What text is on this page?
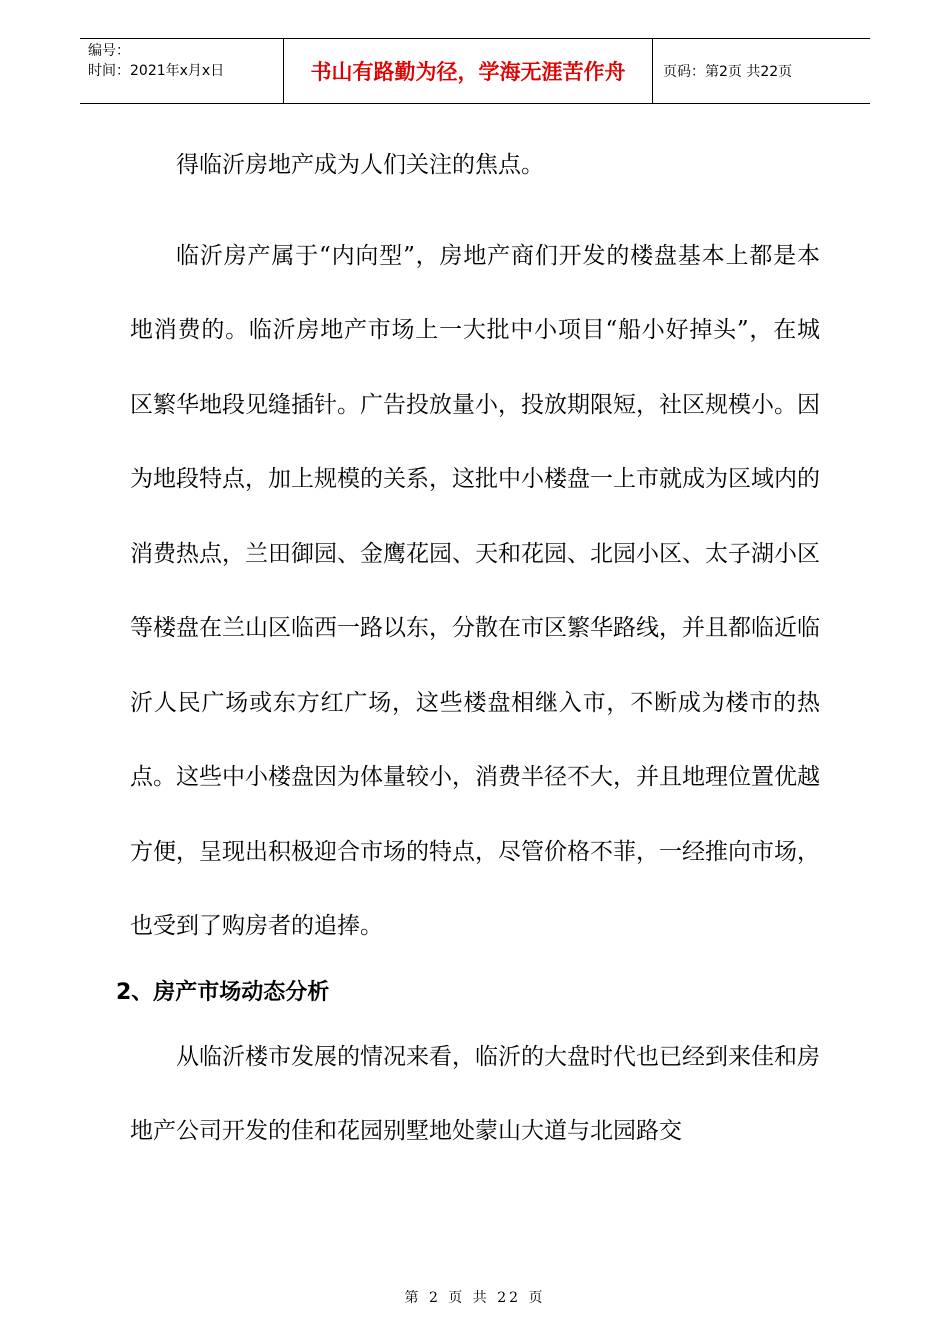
编号：
时间：2021年x月x日	书山有路勤为径，学海无涯苦作舟	页码：第2页 共22页

得临沂房地产成为人们关注的焦点。

临沂房产属于“内向型”，房地产商们开发的楼盘基本上都是本地消费的。临沂房地产市场上一大批中小项目“船小好掉头”，在城区繁华地段见缝插针。广告投放量小，投放期限短，社区规模小。因为地段特点，加上规模的关系，这批中小楼盘一上市就成为区域内的消费热点，兰田御园、金鹰花园、天和花园、北园小区、太子湖小区等楼盘在兰山区临西一路以东，分散在市区繁华路线，并且都临近临沂人民广场或东方红广场，这些楼盘相继入市，不断成为楼市的热点。这些中小楼盘因为体量较小，消费半径不大，并且地理位置优越方便，呈现出积极迎合市场的特点，尽管价格不菲，一经推向市场，也受到了购房者的追捧。

2、房产市场动态分析

从临沂楼市发展的情况来看，临沂的大盘时代也已经到来佳和房地产公司开发的佳和花园别墅地处蒙山大道与北园路交

第 2 页 共 22 页
